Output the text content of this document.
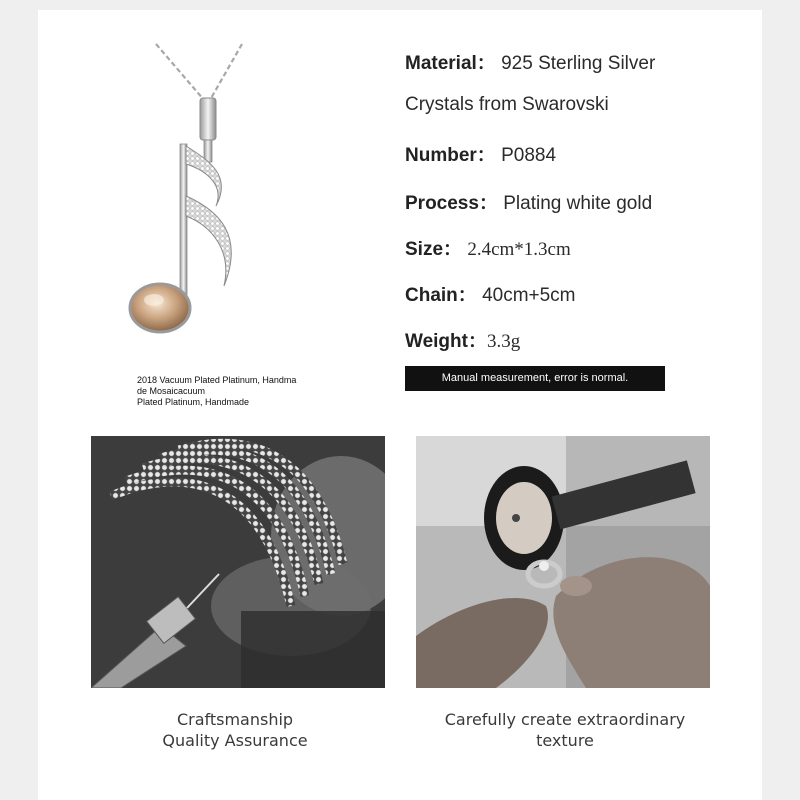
2018 Vacuum Plated Platinum, Handma
de Mosaicacuum
Plated Platinum, Handmade
Material： 925 Sterling Silver
Crystals from Swarovski
Number： P0884
Process： Plating white gold
Size： 2.4cm*1.3cm
Chain： 40cm+5cm
Weight：3.3g
Manual measurement, error is normal.
Craftsmanship
Quality Assurance
Carefully create extraordinary
texture
